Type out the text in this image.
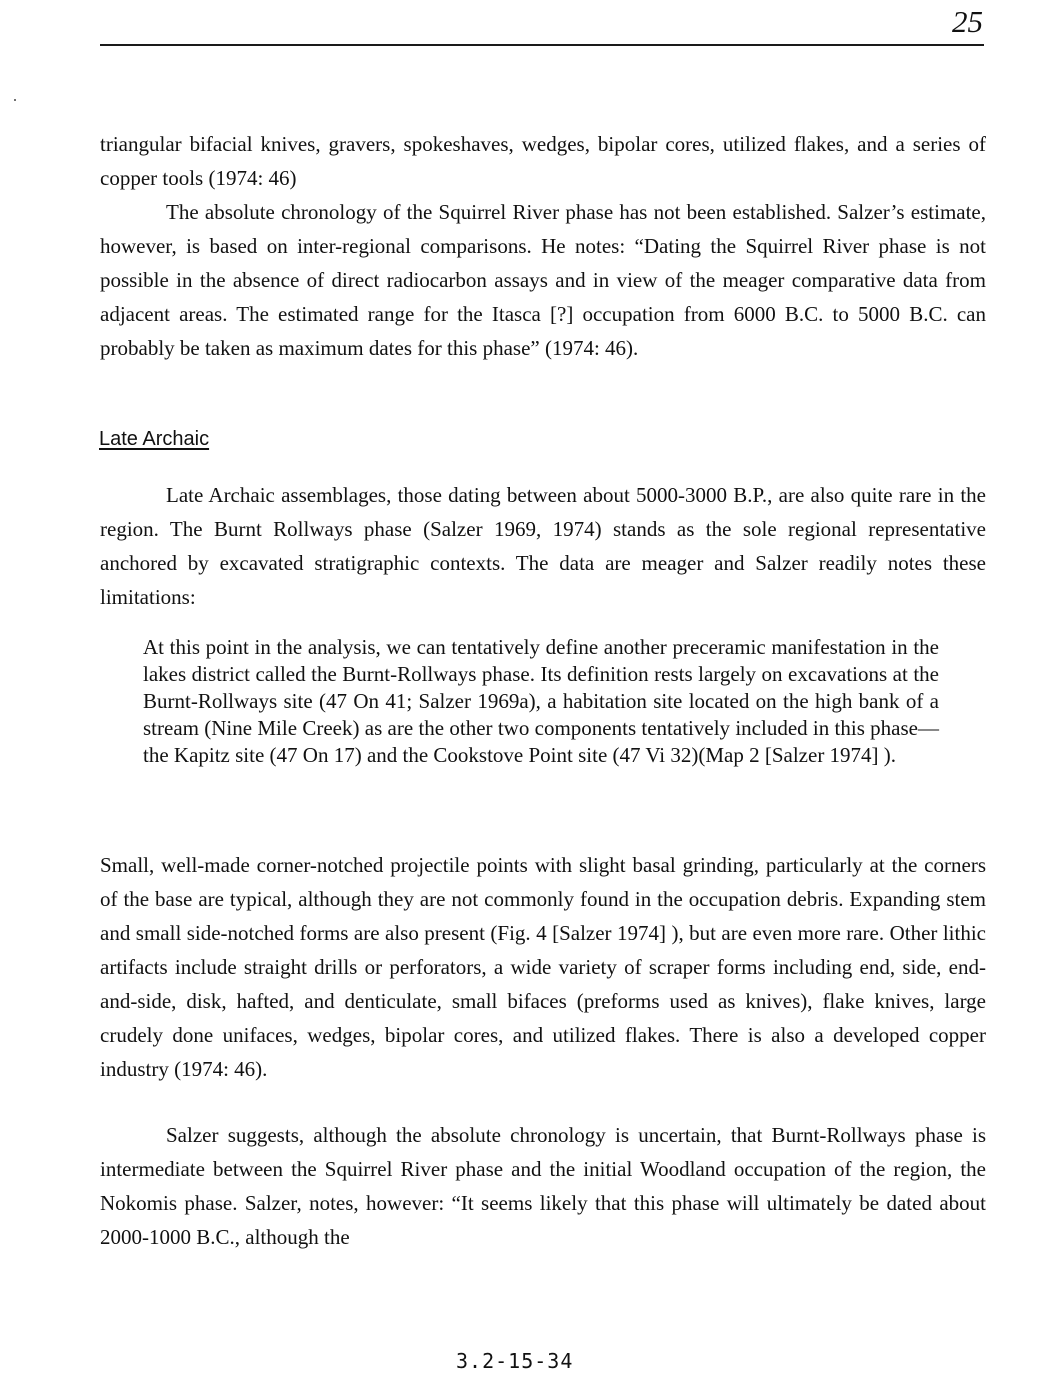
25

triangular bifacial knives, gravers, spokeshaves, wedges, bipolar cores, utilized flakes, and a series of copper tools (1974: 46)

The absolute chronology of the Squirrel River phase has not been established. Salzer’s estimate, however, is based on inter-regional comparisons. He notes: “Dating the Squirrel River phase is not possible in the absence of direct radiocarbon assays and in view of the meager comparative data from adjacent areas. The estimated range for the Itasca [?] occupation from 6000 B.C. to 5000 B.C. can probably be taken as maximum dates for this phase” (1974: 46).

Late Archaic

Late Archaic assemblages, those dating between about 5000-3000 B.P., are also quite rare in the region. The Burnt Rollways phase (Salzer 1969, 1974) stands as the sole regional representative anchored by excavated stratigraphic contexts. The data are meager and Salzer readily notes these limitations:

At this point in the analysis, we can tentatively define another preceramic manifestation in the lakes district called the Burnt-Rollways phase. Its definition rests largely on excavations at the Burnt-Rollways site (47 On 41; Salzer 1969a), a habitation site located on the high bank of a stream (Nine Mile Creek) as are the other two components tentatively included in this phase— the Kapitz site (47 On 17) and the Cookstove Point site (47 Vi 32)(Map 2 [Salzer 1974] ).

Small, well-made corner-notched projectile points with slight basal grinding, particularly at the corners of the base are typical, although they are not commonly found in the occupation debris. Expanding stem and small side-notched forms are also present (Fig. 4 [Salzer 1974] ), but are even more rare. Other lithic artifacts include straight drills or perforators, a wide variety of scraper forms including end, side, end-and-side, disk, hafted, and denticulate, small bifaces (preforms used as knives), flake knives, large crudely done unifaces, wedges, bipolar cores, and utilized flakes. There is also a developed copper industry (1974: 46).

Salzer suggests, although the absolute chronology is uncertain, that Burnt-Rollways phase is intermediate between the Squirrel River phase and the initial Woodland occupation of the region, the Nokomis phase. Salzer, notes, however: “It seems likely that this phase will ultimately be dated about 2000-1000 B.C., although the

3.2-15-34
